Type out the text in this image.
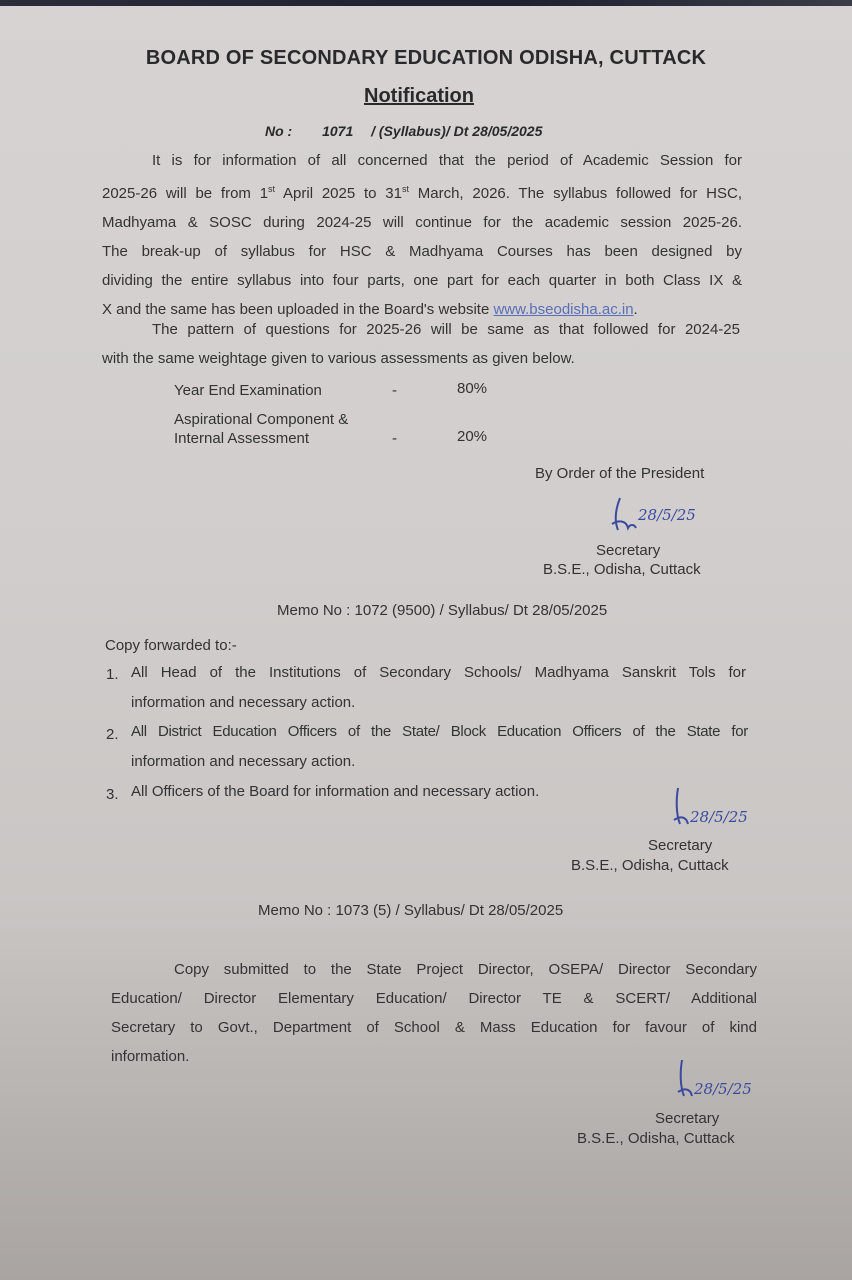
BOARD OF SECONDARY EDUCATION ODISHA, CUTTACK
Notification
No : 1071 / (Syllabus)/ Dt 28/05/2025
It is for information of all concerned that the period of Academic Session for
2025-26 will be from 1st April 2025 to 31st March, 2026. The syllabus followed for HSC,
Madhyama & SOSC during 2024-25 will continue for the academic session 2025-26.
The break-up of syllabus for HSC & Madhyama Courses has been designed by
dividing the entire syllabus into four parts, one part for each quarter in both Class IX &
X and the same has been uploaded in the Board's website www.bseodisha.ac.in.
The pattern of questions for 2025-26 will be same as that followed for 2024-25
with the same weightage given to various assessments as given below.
Year End Examination	-	80%
Aspirational Component &
Internal Assessment	-	20%
By Order of the President
28/5/25
Secretary
B.S.E., Odisha, Cuttack
Memo No : 1072 (9500) / Syllabus/ Dt 28/05/2025
Copy forwarded to:-
1. All Head of the Institutions of Secondary Schools/ Madhyama Sanskrit Tols for
information and necessary action.
2. All District Education Officers of the State/ Block Education Officers of the State for
information and necessary action.
3. All Officers of the Board for information and necessary action.
28/5/25
Secretary
B.S.E., Odisha, Cuttack
Memo No : 1073 (5) / Syllabus/ Dt 28/05/2025
Copy submitted to the State Project Director, OSEPA/ Director Secondary
Education/ Director Elementary Education/ Director TE & SCERT/ Additional
Secretary to Govt., Department of School & Mass Education for favour of kind
information.
28/5/25
Secretary
B.S.E., Odisha, Cuttack
